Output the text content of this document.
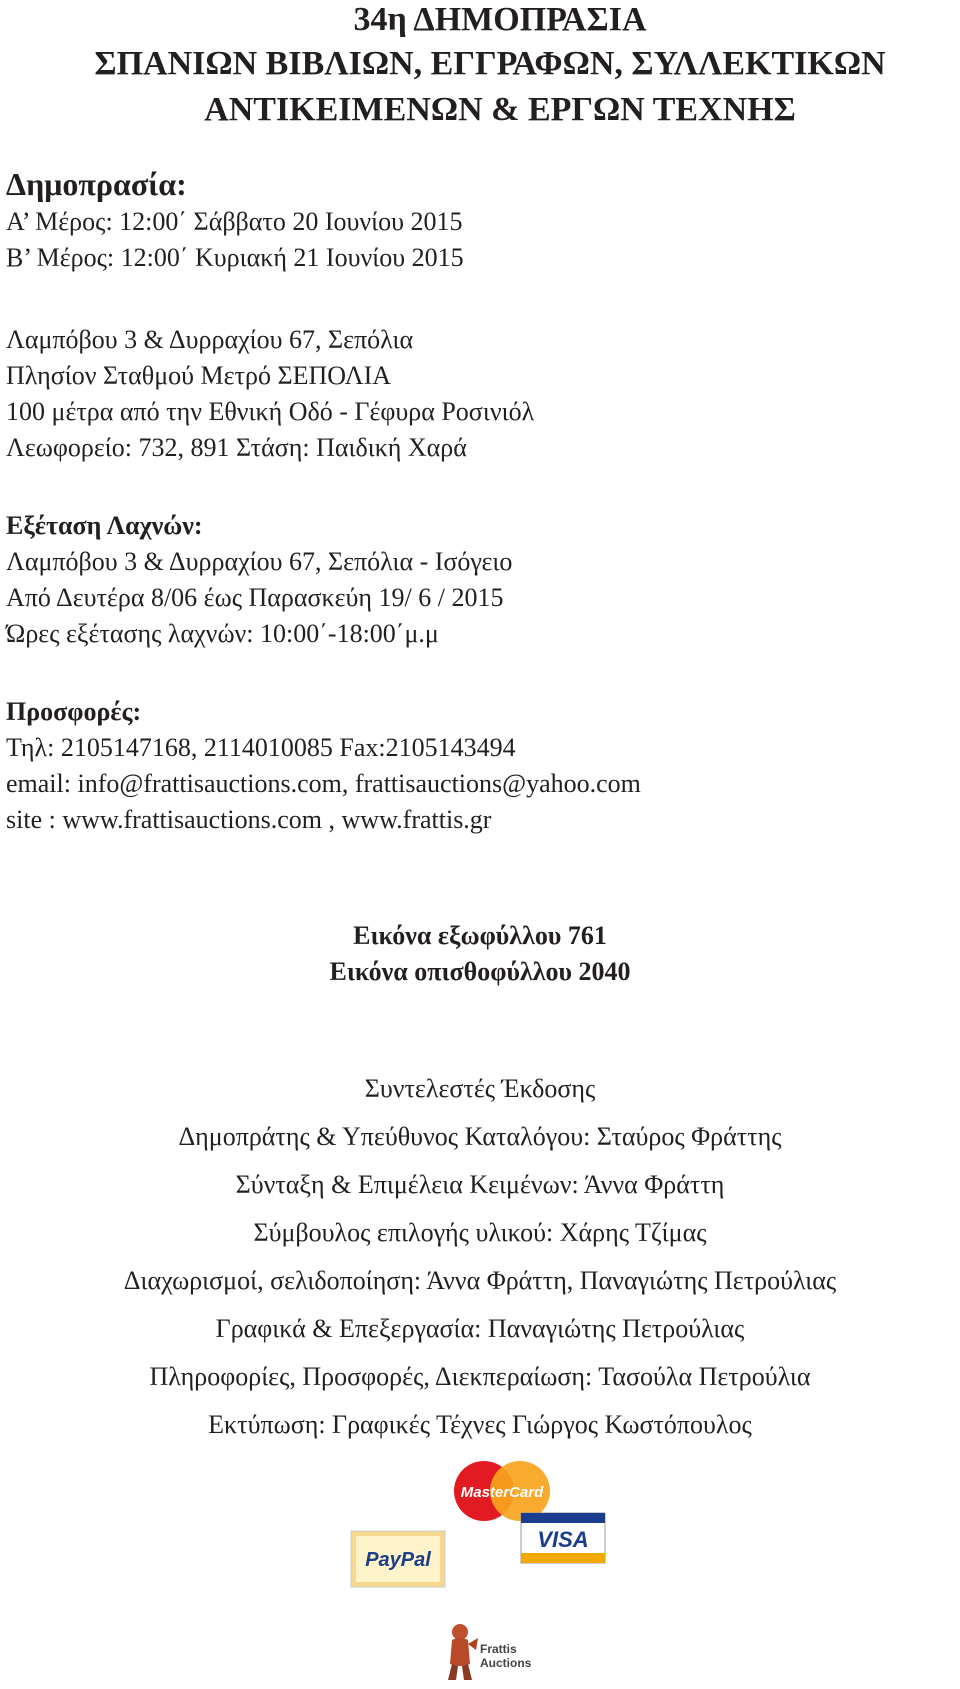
34η ΔΗΜΟΠΡΑΣΙΑ
ΣΠΑΝΙΩΝ ΒΙΒΛΙΩΝ, ΕΓΓΡΑΦΩΝ, ΣΥΛΛΕΚΤΙΚΩΝ
ΑΝΤΙΚΕΙΜΕΝΩΝ & ΕΡΓΩΝ ΤΕΧΝΗΣ
Δημοπρασία:
Α’ Μέρος: 12:00΄ Σάββατο 20 Ιουνίου 2015
Β’ Μέρος: 12:00΄ Κυριακή 21 Ιουνίου 2015
Λαμπόβου 3 & Δυρραχίου 67, Σεπόλια
Πλησίον Σταθμού Μετρό ΣΕΠΟΛΙΑ
100 μέτρα από την Εθνική Οδό - Γέφυρα Ροσινιόλ
Λεωφορείο: 732, 891 Στάση: Παιδική Χαρά
Εξέταση Λαχνών:
Λαμπόβου 3 & Δυρραχίου 67, Σεπόλια - Ισόγειο
Από Δευτέρα 8/06 έως Παρασκεύη 19/ 6 / 2015
Ώρες εξέτασης λαχνών: 10:00΄-18:00΄μ.μ
Προσφορές:
Τηλ: 2105147168, 2114010085 Fax:2105143494
email: info@frattisauctions.com, frattisauctions@yahoo.com
site : www.frattisauctions.com , www.frattis.gr
Εικόνα εξωφύλλου 761
Εικόνα οπισθοφύλλου 2040
Συντελεστές Έκδοσης
Δημοπράτης & Υπεύθυνος Καταλόγου: Σταύρος Φράττης
Σύνταξη & Επιμέλεια Κειμένων: Άννα Φράττη
Σύμβουλος επιλογής υλικού: Χάρης Τζίμας
Διαχωρισμοί, σελιδοποίηση: Άννα Φράττη, Παναγιώτης Πετρούλιας
Γραφικά & Επεξεργασία: Παναγιώτης Πετρούλιας
Πληροφορίες, Προσφορές, Διεκπεραίωση: Τασούλα Πετρούλια
Εκτύπωση: Γραφικές Τέχνες Γιώργος Κωστόπουλος
MasterCard
VISA
PayPal
Frattis
Auctions
